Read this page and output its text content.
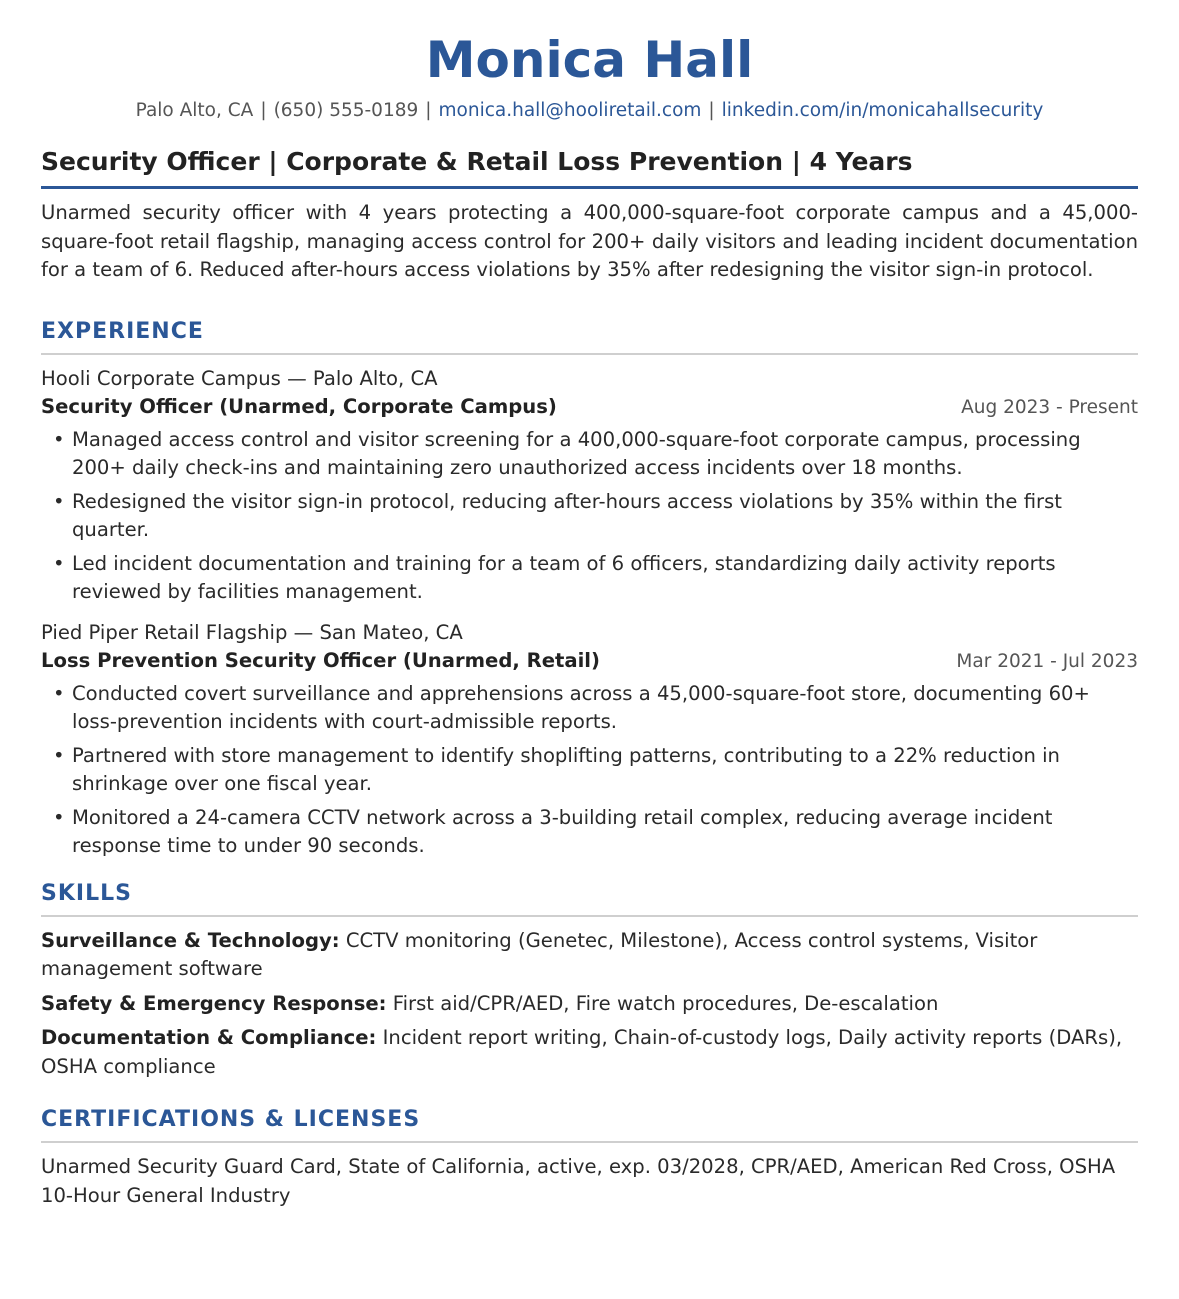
Monica Hall
Palo Alto, CA | (650) 555-0189 | monica.hall@hooliretail.com | linkedin.com/in/monicahallsecurity
Security Officer | Corporate & Retail Loss Prevention | 4 Years
Unarmed security officer with 4 years protecting a 400,000-square-foot corporate campus and a 45,000-square-foot retail flagship, managing access control for 200+ daily visitors and leading incident documentation for a team of 6. Reduced after-hours access violations by 35% after redesigning the visitor sign-in protocol.
EXPERIENCE
Hooli Corporate Campus — Palo Alto, CA
Security Officer (Unarmed, Corporate Campus)	Aug 2023 - Present
• Managed access control and visitor screening for a 400,000-square-foot corporate campus, processing 200+ daily check-ins and maintaining zero unauthorized access incidents over 18 months.
• Redesigned the visitor sign-in protocol, reducing after-hours access violations by 35% within the first quarter.
• Led incident documentation and training for a team of 6 officers, standardizing daily activity reports reviewed by facilities management.
Pied Piper Retail Flagship — San Mateo, CA
Loss Prevention Security Officer (Unarmed, Retail)	Mar 2021 - Jul 2023
• Conducted covert surveillance and apprehensions across a 45,000-square-foot store, documenting 60+ loss-prevention incidents with court-admissible reports.
• Partnered with store management to identify shoplifting patterns, contributing to a 22% reduction in shrinkage over one fiscal year.
• Monitored a 24-camera CCTV network across a 3-building retail complex, reducing average incident response time to under 90 seconds.
SKILLS
Surveillance & Technology: CCTV monitoring (Genetec, Milestone), Access control systems, Visitor management software
Safety & Emergency Response: First aid/CPR/AED, Fire watch procedures, De-escalation
Documentation & Compliance: Incident report writing, Chain-of-custody logs, Daily activity reports (DARs), OSHA compliance
CERTIFICATIONS & LICENSES
Unarmed Security Guard Card, State of California, active, exp. 03/2028, CPR/AED, American Red Cross, OSHA 10-Hour General Industry
